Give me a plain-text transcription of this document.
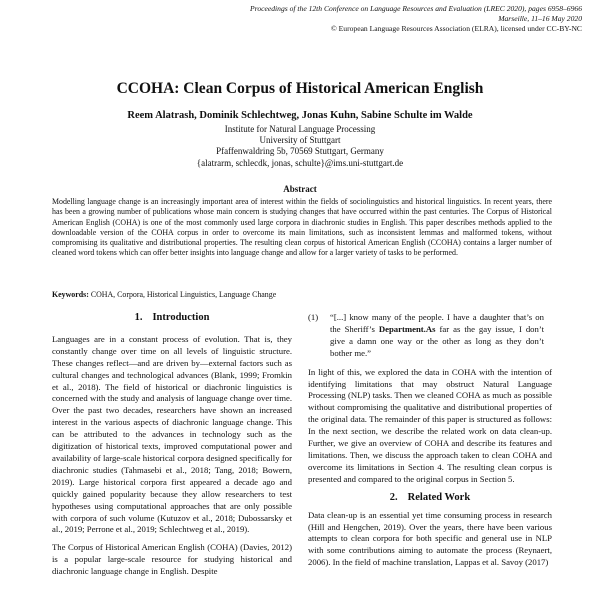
Proceedings of the 12th Conference on Language Resources and Evaluation (LREC 2020), pages 6958–6966
Marseille, 11–16 May 2020
© European Language Resources Association (ELRA), licensed under CC-BY-NC
CCOHA: Clean Corpus of Historical American English
Reem Alatrash, Dominik Schlechtweg, Jonas Kuhn, Sabine Schulte im Walde
Institute for Natural Language Processing
University of Stuttgart
Pfaffenwaldring 5b, 70569 Stuttgart, Germany
{alatrarm, schlecdk, jonas, schulte}@ims.uni-stuttgart.de
Abstract
Modelling language change is an increasingly important area of interest within the fields of sociolinguistics and historical linguistics. In recent years, there has been a growing number of publications whose main concern is studying changes that have occurred within the past centuries. The Corpus of Historical American English (COHA) is one of the most commonly used large corpora in diachronic studies in English. This paper describes methods applied to the downloadable version of the COHA corpus in order to overcome its main limitations, such as inconsistent lemmas and malformed tokens, without compromising its qualitative and distributional properties. The resulting clean corpus of historical American English (CCOHA) contains a larger number of cleaned word tokens which can offer better insights into language change and allow for a larger variety of tasks to be performed.
Keywords: COHA, Corpora, Historical Linguistics, Language Change
1. Introduction

Languages are in a constant process of evolution. That is, they constantly change over time on all levels of linguistic structure. These changes reflect—and are driven by—external factors such as cultural changes and technological advances (Blank, 1999; Fromkin et al., 2018). The field of historical or diachronic linguistics is concerned with the study and analysis of language change over time. Over the past two decades, researchers have shown an increased interest in the various aspects of diachronic language change. This can be attributed to the advances in technology such as the digitization of historical texts, improved computational power and availability of large-scale historical corpora designed specifically for diachronic studies (Tahmasebi et al., 2018; Tang, 2018; Bowern, 2019). Large historical corpora first appeared a decade ago and quickly gained popularity because they allow researchers to test hypotheses using computational approaches that are only possible with corpora of such volume (Kutuzov et al., 2018; Dubossarsky et al., 2019; Perrone et al., 2019; Schlechtweg et al., 2019).

The Corpus of Historical American English (COHA) (Davies, 2012) is a popular large-scale resource for studying historical and diachronic language change in English. Despite

(1)	“[...] know many of the people. I have a daughter that’s on the Sheriff’s Department.As far as the gay issue, I don’t give a damn one way or the other as long as they don’t bother me.”

In light of this, we explored the data in COHA with the intention of identifying limitations that may obstruct Natural Language Processing (NLP) tasks. Then we cleaned COHA as much as possible without compromising the qualitative and distributional properties of the original data. The remainder of this paper is structured as follows: In the next section, we describe the related work on data clean-up. Further, we give an overview of COHA and describe its features and limitations. Then, we discuss the approach taken to clean COHA and overcome its limitations in Section 4. The resulting clean corpus is presented and compared to the original corpus in Section 5.

2. Related Work

Data clean-up is an essential yet time consuming process in research (Hill and Hengchen, 2019). Over the years, there have been various attempts to clean corpora for both specific and general use in NLP with some contributions aiming to automate the process (Reynaert, 2006). In the field of machine translation, Lappas et al. Savoy (2017)
